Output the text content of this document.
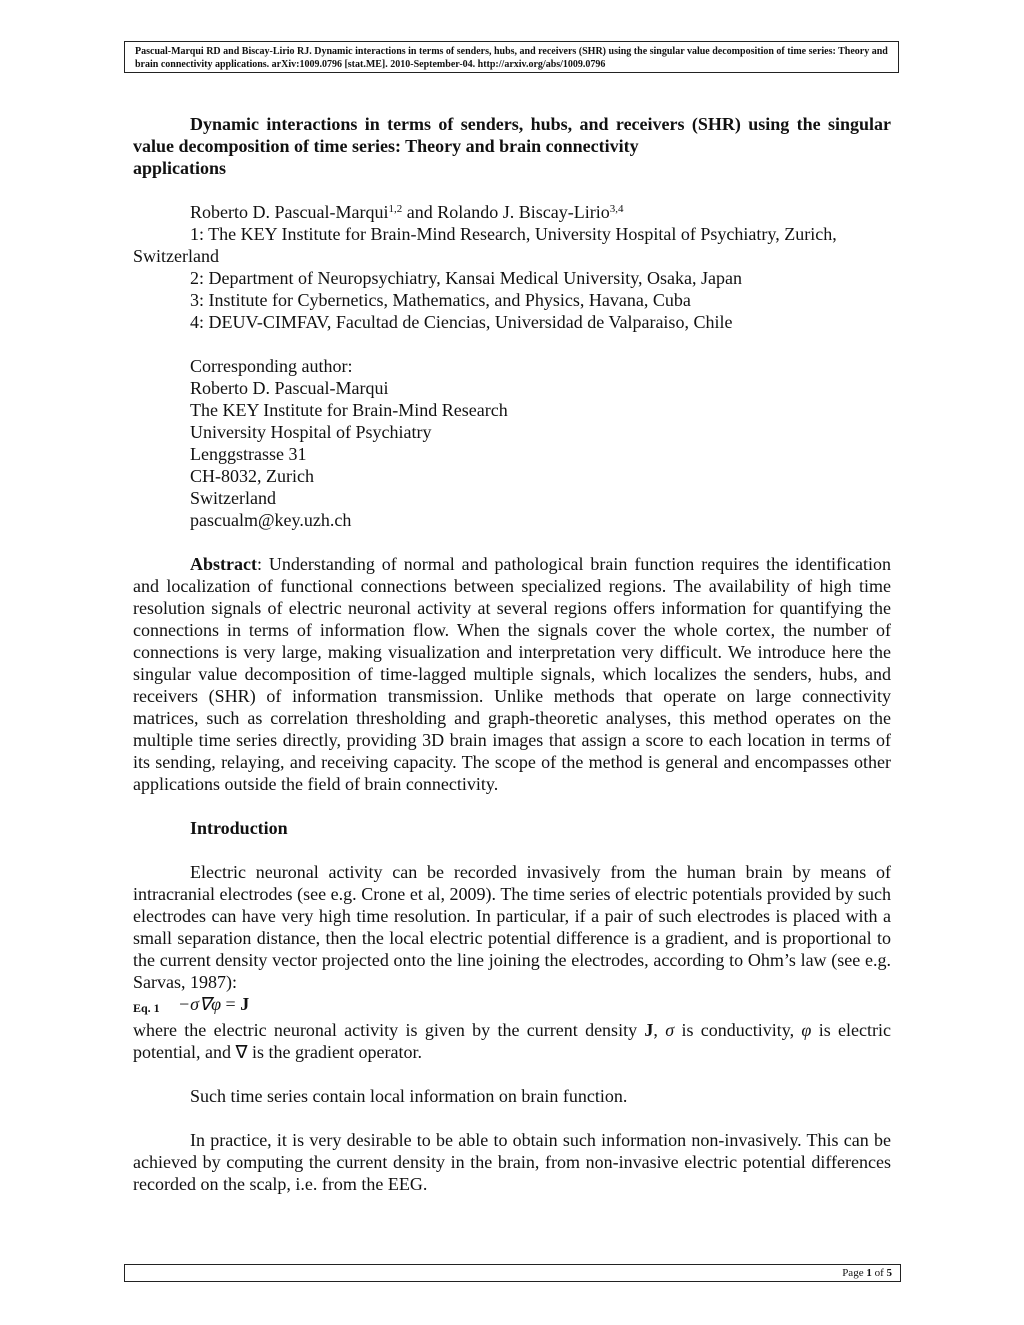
Pascual-Marqui RD and Biscay-Lirio RJ. Dynamic interactions in terms of senders, hubs, and receivers (SHR) using the singular value decomposition of time series: Theory and brain connectivity applications. arXiv:1009.0796 [stat.ME]. 2010-September-04. http://arxiv.org/abs/1009.0796

Dynamic interactions in terms of senders, hubs, and receivers (SHR) using the singular value decomposition of time series: Theory and brain connectivity

applications

Roberto D. Pascual-Marqui$^{1,2}$ and Rolando J. Biscay-Lirio$^{3,4}$

1: The KEY Institute for Brain-Mind Research, University Hospital of Psychiatry, Zurich,

Switzerland

2: Department of Neuropsychiatry, Kansai Medical University, Osaka, Japan

3: Institute for Cybernetics, Mathematics, and Physics, Havana, Cuba

4: DEUV-CIMFAV, Facultad de Ciencias, Universidad de Valparaiso, Chile

Corresponding author:

Roberto D. Pascual-Marqui

The KEY Institute for Brain-Mind Research

University Hospital of Psychiatry

Lenggstrasse 31

CH-8032, Zurich

Switzerland

pascualm@key.uzh.ch

Abstract: Understanding of normal and pathological brain function requires the identification and localization of functional connections between specialized regions. The availability of high time resolution signals of electric neuronal activity at several regions offers information for quantifying the connections in terms of information flow. When the signals cover the whole cortex, the number of connections is very large, making visualization and interpretation very difficult. We introduce here the singular value decomposition of time-lagged multiple signals, which localizes the senders, hubs, and receivers (SHR) of information transmission. Unlike methods that operate on large connectivity matrices, such as correlation thresholding and graph-theoretic analyses, this method operates on the multiple time series directly, providing 3D brain images that assign a score to each location in terms of its sending, relaying, and receiving capacity. The scope of the method is general and encompasses other applications outside the field of brain connectivity.

Introduction

Electric neuronal activity can be recorded invasively from the human brain by means of intracranial electrodes (see e.g. Crone et al, 2009). The time series of electric potentials provided by such electrodes can have very high time resolution. In particular, if a pair of such electrodes is placed with a small separation distance, then the local electric potential difference is a gradient, and is proportional to the current density vector projected onto the line joining the electrodes, according to Ohm’s law (see e.g. Sarvas, 1987):

Eq. 1 −σ∇φ = J

where the electric neuronal activity is given by the current density J, σ is conductivity, φ is electric potential, and ∇ is the gradient operator.

Such time series contain local information on brain function.

In practice, it is very desirable to be able to obtain such information non-invasively. This can be achieved by computing the current density in the brain, from non-invasive electric potential differences recorded on the scalp, i.e. from the EEG.

Page 1 of 5
